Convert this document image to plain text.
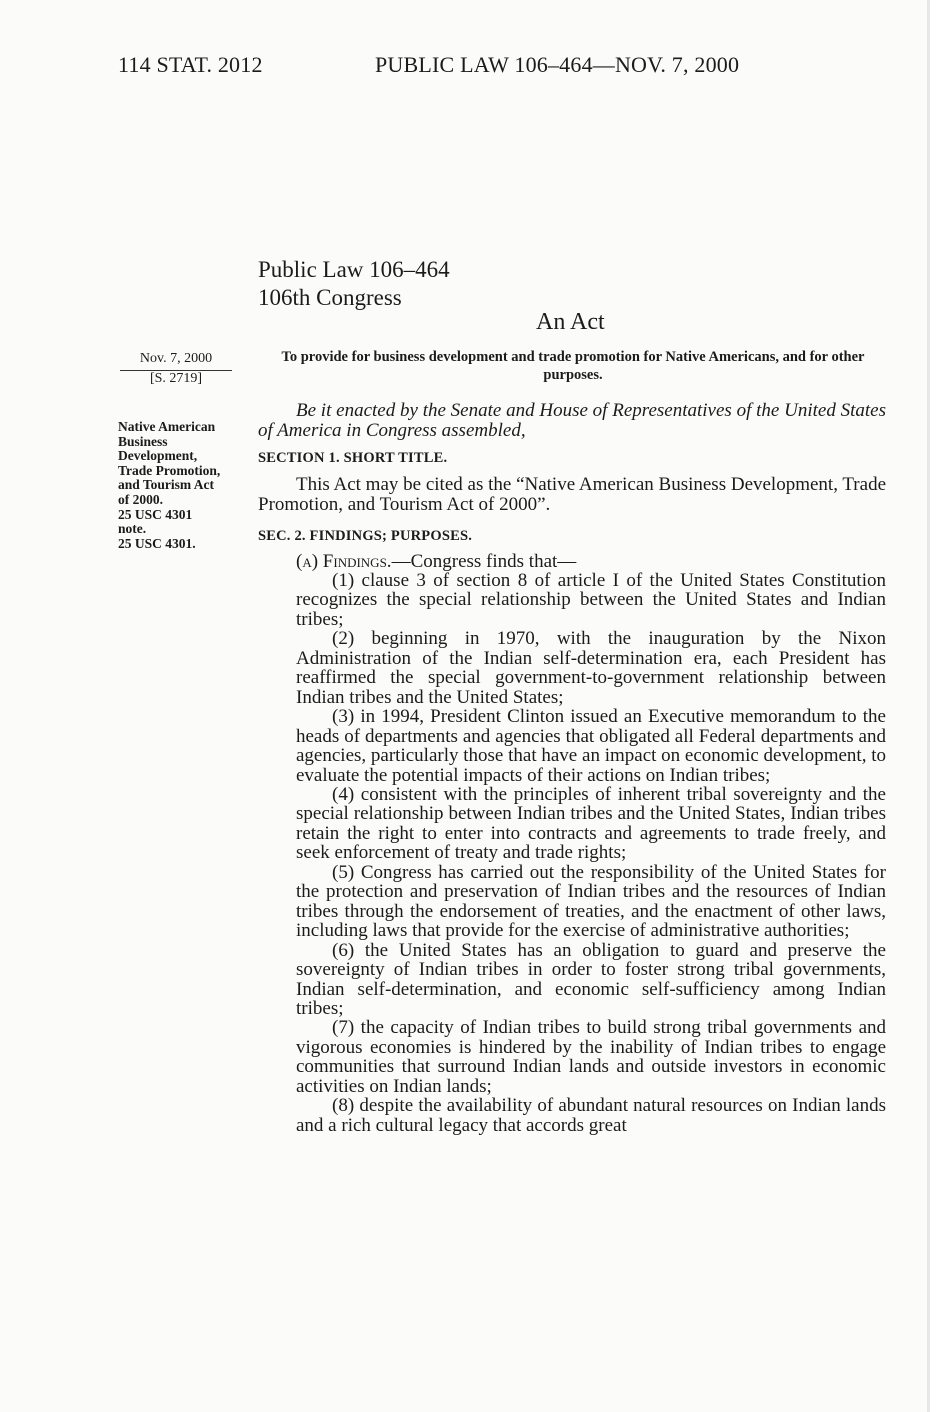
114 STAT. 2012	PUBLIC LAW 106–464—NOV. 7, 2000
Public Law 106–464
106th Congress
An Act
Nov. 7, 2000
[S. 2719]
Native American
Business
Development,
Trade Promotion,
and Tourism Act
of 2000.
25 USC 4301
note.
25 USC 4301.
To provide for business development and trade promotion for Native Americans, and for other purposes.
Be it enacted by the Senate and House of Representatives of the United States of America in Congress assembled,
SECTION 1. SHORT TITLE.
This Act may be cited as the “Native American Business Development, Trade Promotion, and Tourism Act of 2000”.
SEC. 2. FINDINGS; PURPOSES.
(a) Findings.—Congress finds that—

(1) clause 3 of section 8 of article I of the United States Constitution recognizes the special relationship between the United States and Indian tribes;

(2) beginning in 1970, with the inauguration by the Nixon Administration of the Indian self-determination era, each President has reaffirmed the special government-to-government relationship between Indian tribes and the United States;

(3) in 1994, President Clinton issued an Executive memorandum to the heads of departments and agencies that obligated all Federal departments and agencies, particularly those that have an impact on economic development, to evaluate the potential impacts of their actions on Indian tribes;

(4) consistent with the principles of inherent tribal sovereignty and the special relationship between Indian tribes and the United States, Indian tribes retain the right to enter into contracts and agreements to trade freely, and seek enforcement of treaty and trade rights;

(5) Congress has carried out the responsibility of the United States for the protection and preservation of Indian tribes and the resources of Indian tribes through the endorsement of treaties, and the enactment of other laws, including laws that provide for the exercise of administrative authorities;

(6) the United States has an obligation to guard and preserve the sovereignty of Indian tribes in order to foster strong tribal governments, Indian self-determination, and economic self-sufficiency among Indian tribes;

(7) the capacity of Indian tribes to build strong tribal governments and vigorous economies is hindered by the inability of Indian tribes to engage communities that surround Indian lands and outside investors in economic activities on Indian lands;

(8) despite the availability of abundant natural resources on Indian lands and a rich cultural legacy that accords great
